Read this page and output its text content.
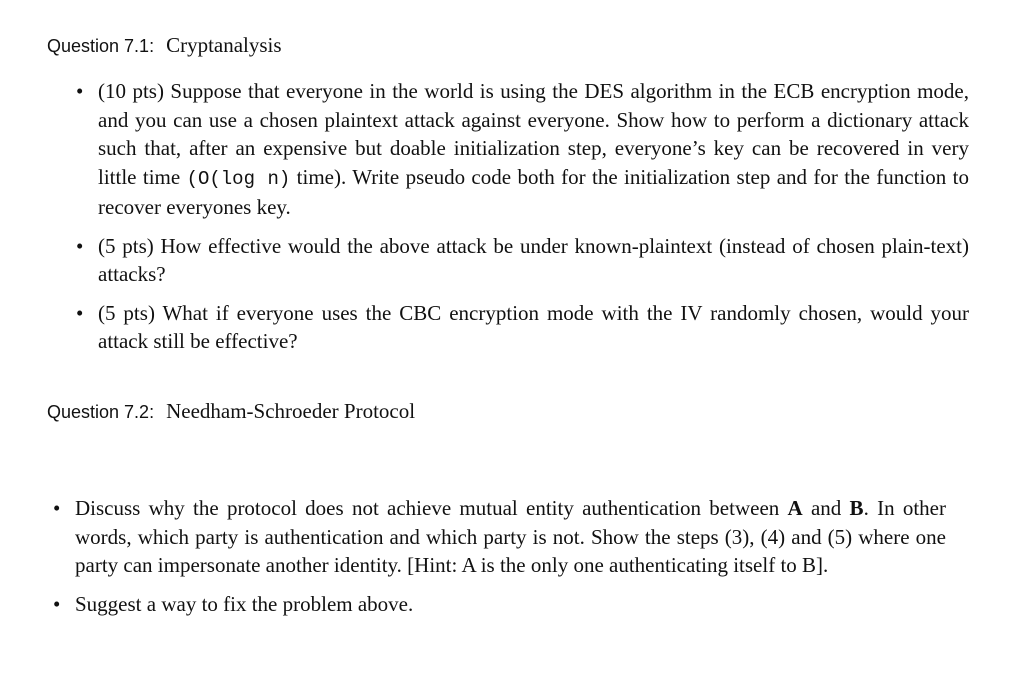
Question 7.1: Cryptanalysis
• (10 pts) Suppose that everyone in the world is using the DES algorithm in the ECB encryption mode, and you can use a chosen plaintext attack against everyone. Show how to perform a dictionary attack such that, after an expensive but doable initialization step, everyone’s key can be recovered in very little time (O(log n) time). Write pseudo code both for the initialization step and for the function to recover everyones key.
• (5 pts) How effective would the above attack be under known-plaintext (instead of chosen plain-text) attacks?
• (5 pts) What if everyone uses the CBC encryption mode with the IV randomly chosen, would your attack still be effective?
Question 7.2: Needham-Schroeder Protocol
• Discuss why the protocol does not achieve mutual entity authentication between A and B. In other words, which party is authentication and which party is not. Show the steps (3), (4) and (5) where one party can impersonate another identity. [Hint: A is the only one authenticating itself to B].
• Suggest a way to fix the problem above.
